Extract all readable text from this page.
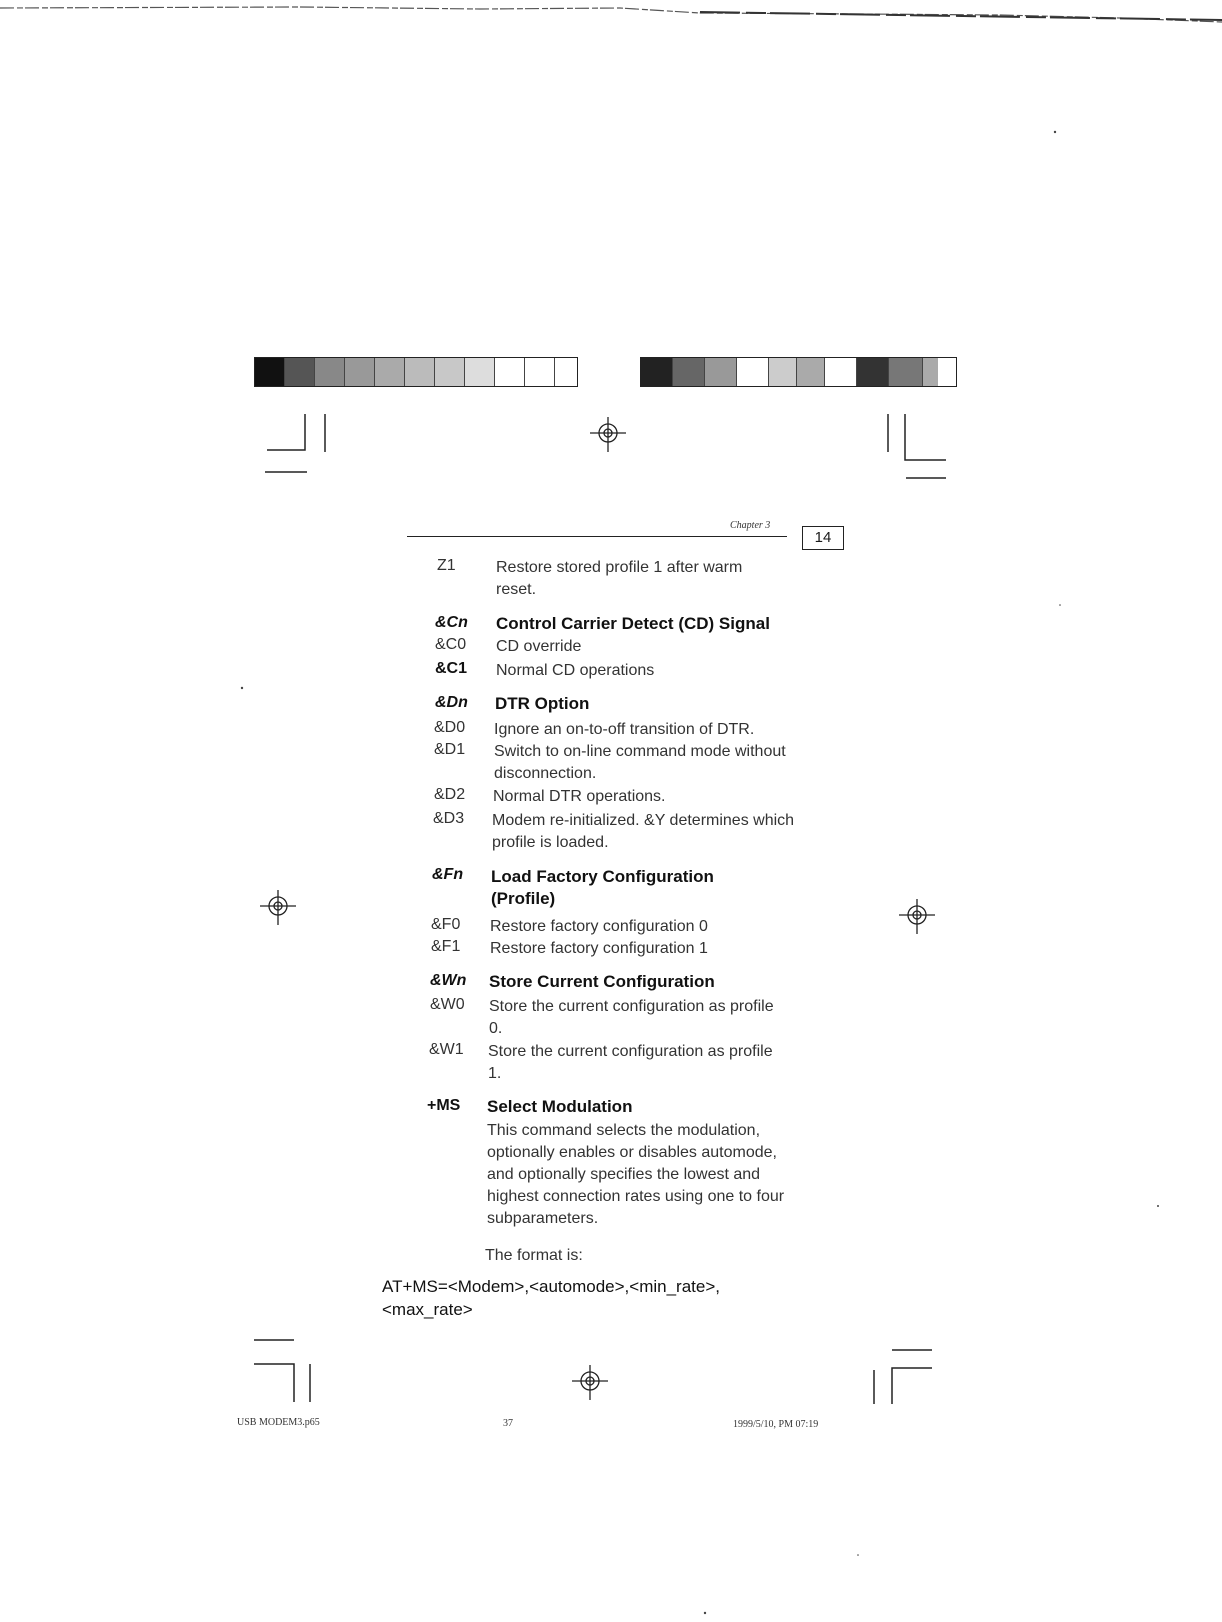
Chapter 3
14
Z1	Restore stored profile 1 after warm reset.
&Cn Control Carrier Detect (CD) Signal
&C0 CD override
&C1 Normal CD operations
&Dn DTR Option
&D0 Ignore an on-to-off transition of DTR.
&D1 Switch to on-line command mode without disconnection.
&D2 Normal DTR operations.
&D3 Modem re-initialized. &Y determines which profile is loaded.
&Fn Load Factory Configuration (Profile)
&F0 Restore factory configuration 0
&F1 Restore factory configuration 1
&Wn Store Current Configuration
&W0 Store the current configuration as profile 0.
&W1 Store the current configuration as profile 1.
+MS Select Modulation
This command selects the modulation, optionally enables or disables automode, and optionally specifies the lowest and highest connection rates using one to four subparameters.
The format is:
AT+MS=<Modem>,<automode>,<min_rate>,
<max_rate>
USB MODEM3.p65	37	1999/5/10, PM 07:19
